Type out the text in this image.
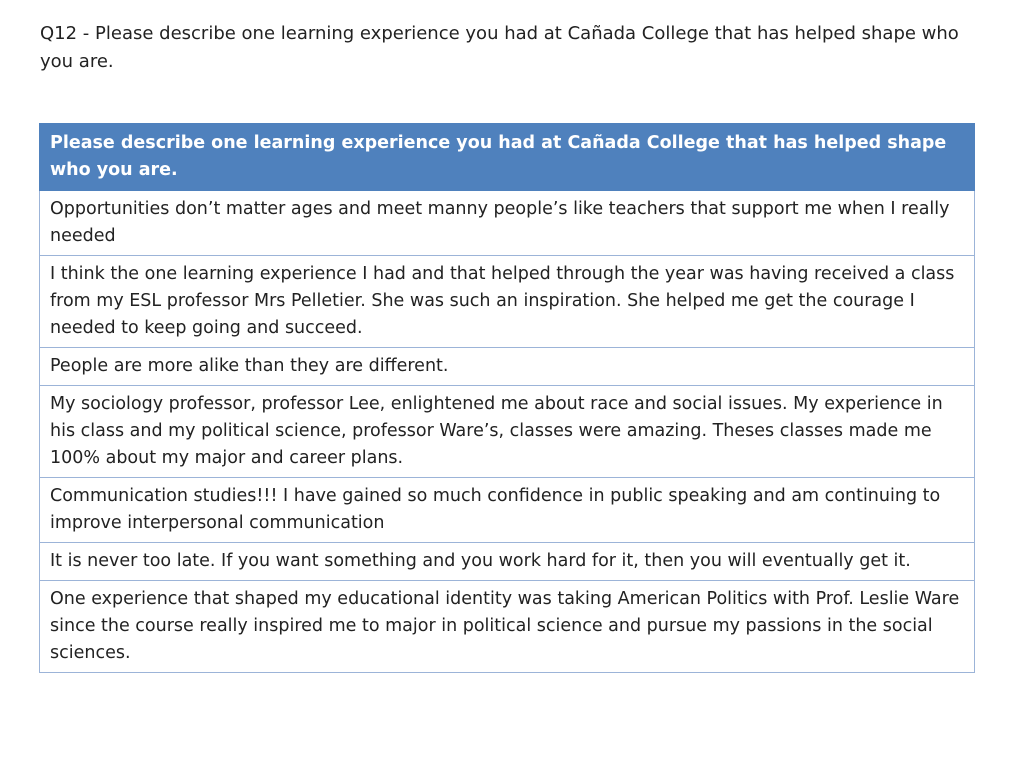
Q12 - Please describe one learning experience you had at Cañada College that has helped shape who you are.
Please describe one learning experience you had at Cañada College that has helped shape who you are.
Opportunities don’t matter ages and meet manny people’s like teachers that support me when I really needed
I think the one learning experience I had and that helped through the year was having received a class from my ESL professor Mrs Pelletier. She was such an inspiration. She helped me get the courage I needed to keep going and succeed.
People are more alike than they are different.
My sociology professor, professor Lee, enlightened me about race and social issues. My experience in his class and my political science, professor Ware’s, classes were amazing. Theses classes made me 100% about my major and career plans.
Communication studies!!! I have gained so much confidence in public speaking and am continuing to improve interpersonal communication
It is never too late. If you want something and you work hard for it, then you will eventually get it.
One experience that shaped my educational identity was taking American Politics with Prof. Leslie Ware since the course really inspired me to major in political science and pursue my passions in the social sciences.
